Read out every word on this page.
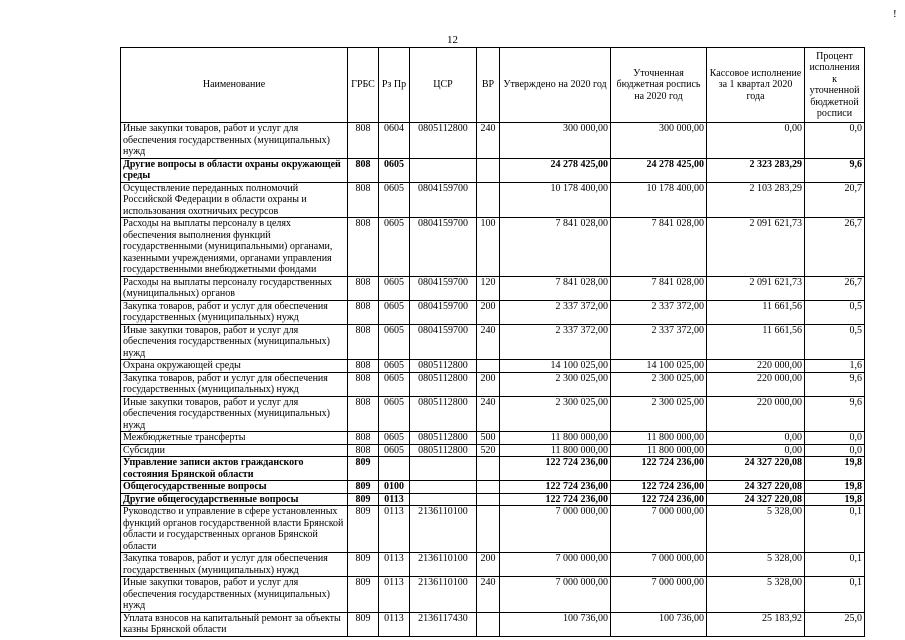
!
12
Наименование	ГРБС	Рз Пр	ЦСР	ВР	Утверждено на 2020 год	Уточненная бюджетная роспись на 2020 год	Кассовое исполнение за 1 квартал 2020 года	Процент исполнения к уточненной бюджетной росписи
Иные закупки товаров, работ и услуг для обеспечения государственных (муниципальных) нужд	808	0604	0805112800	240	300 000,00	300 000,00	0,00	0,0
Другие вопросы в области охраны окружающей среды	808	0605			24 278 425,00	24 278 425,00	2 323 283,29	9,6
Осуществление переданных полномочий Российской Федерации в области охраны и использования охотничьих ресурсов	808	0605	0804159700		10 178 400,00	10 178 400,00	2 103 283,29	20,7
Расходы на выплаты персоналу в целях обеспечения выполнения функций государственными (муниципальными) органами, казенными учреждениями, органами управления государственными внебюджетными фондами	808	0605	0804159700	100	7 841 028,00	7 841 028,00	2 091 621,73	26,7
Расходы на выплаты персоналу государственных (муниципальных) органов	808	0605	0804159700	120	7 841 028,00	7 841 028,00	2 091 621,73	26,7
Закупка товаров, работ и услуг для обеспечения государственных (муниципальных) нужд	808	0605	0804159700	200	2 337 372,00	2 337 372,00	11 661,56	0,5
Иные закупки товаров, работ и услуг для обеспечения государственных (муниципальных) нужд	808	0605	0804159700	240	2 337 372,00	2 337 372,00	11 661,56	0,5
Охрана окружающей среды	808	0605	0805112800		14 100 025,00	14 100 025,00	220 000,00	1,6
Закупка товаров, работ и услуг для обеспечения государственных (муниципальных) нужд	808	0605	0805112800	200	2 300 025,00	2 300 025,00	220 000,00	9,6
Иные закупки товаров, работ и услуг для обеспечения государственных (муниципальных) нужд	808	0605	0805112800	240	2 300 025,00	2 300 025,00	220 000,00	9,6
Межбюджетные трансферты	808	0605	0805112800	500	11 800 000,00	11 800 000,00	0,00	0,0
Субсидии	808	0605	0805112800	520	11 800 000,00	11 800 000,00	0,00	0,0
Управление записи актов гражданского состояния Брянской области	809				122 724 236,00	122 724 236,00	24 327 220,08	19,8
Общегосударственные вопросы	809	0100			122 724 236,00	122 724 236,00	24 327 220,08	19,8
Другие общегосударственные вопросы	809	0113			122 724 236,00	122 724 236,00	24 327 220,08	19,8
Руководство и управление в сфере установленных функций органов государственной власти Брянской области и государственных органов Брянской области	809	0113	2136110100		7 000 000,00	7 000 000,00	5 328,00	0,1
Закупка товаров, работ и услуг для обеспечения государственных (муниципальных) нужд	809	0113	2136110100	200	7 000 000,00	7 000 000,00	5 328,00	0,1
Иные закупки товаров, работ и услуг для обеспечения государственных (муниципальных) нужд	809	0113	2136110100	240	7 000 000,00	7 000 000,00	5 328,00	0,1
Уплата взносов на капитальный ремонт за объекты казны Брянской области	809	0113	2136117430		100 736,00	100 736,00	25 183,92	25,0
